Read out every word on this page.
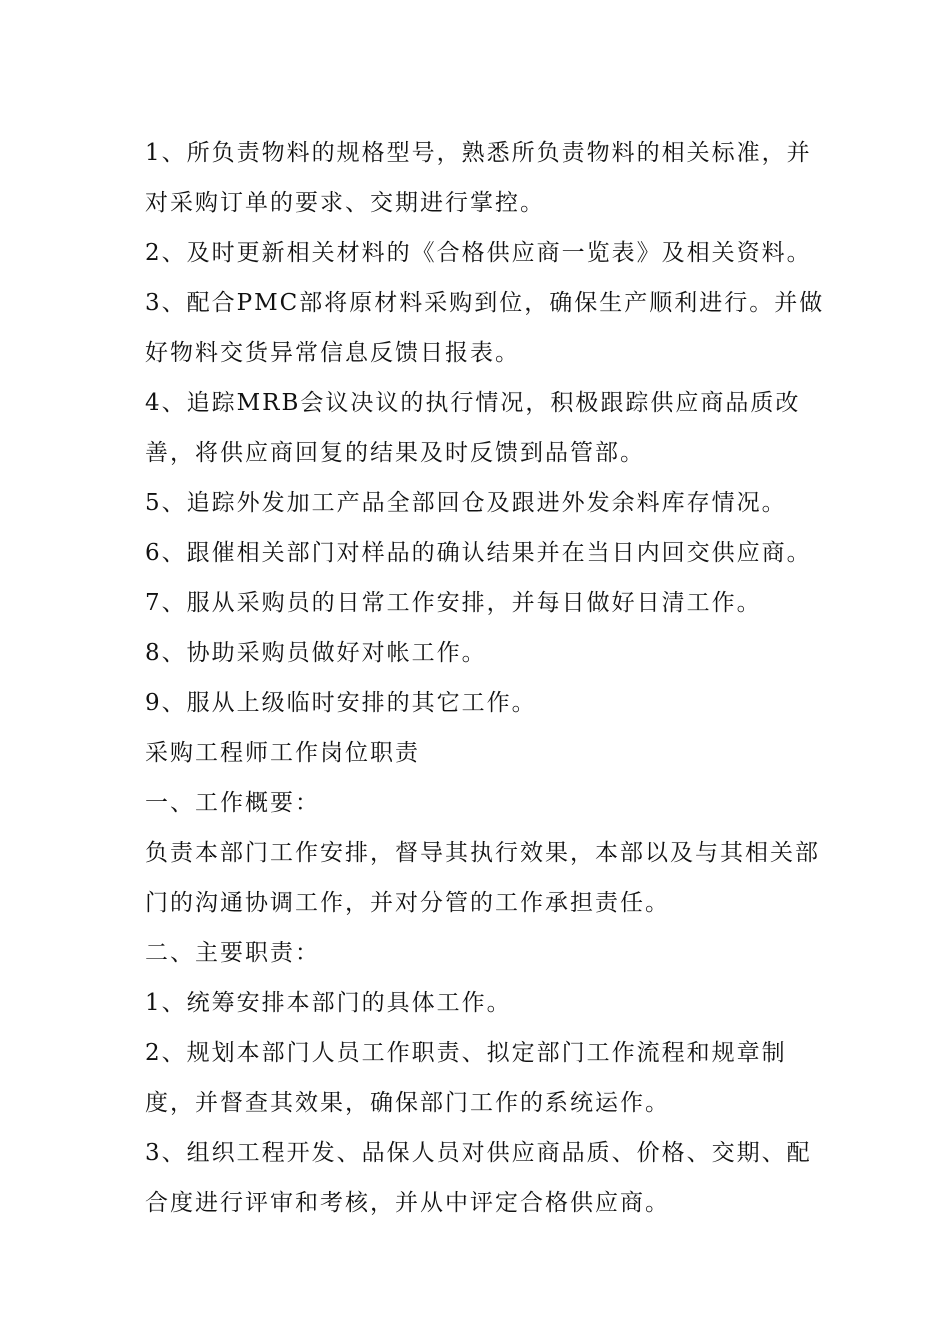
1、所负责物料的规格型号，熟悉所负责物料的相关标准，并对采购订单的要求、交期进行掌控。

2、及时更新相关材料的《合格供应商一览表》及相关资料。

3、配合PMC部将原材料采购到位，确保生产顺利进行。并做好物料交货异常信息反馈日报表。

4、追踪MRB会议决议的执行情况，积极跟踪供应商品质改善，将供应商回复的结果及时反馈到品管部。

5、追踪外发加工产品全部回仓及跟进外发余料库存情况。

6、跟催相关部门对样品的确认结果并在当日内回交供应商。

7、服从采购员的日常工作安排，并每日做好日清工作。

8、协助采购员做好对帐工作。

9、服从上级临时安排的其它工作。

采购工程师工作岗位职责

一、工作概要：

负责本部门工作安排，督导其执行效果，本部以及与其相关部门的沟通协调工作，并对分管的工作承担责任。

二、主要职责：

1、统筹安排本部门的具体工作。

2、规划本部门人员工作职责、拟定部门工作流程和规章制度，并督查其效果，确保部门工作的系统运作。

3、组织工程开发、品保人员对供应商品质、价格、交期、配合度进行评审和考核，并从中评定合格供应商。
